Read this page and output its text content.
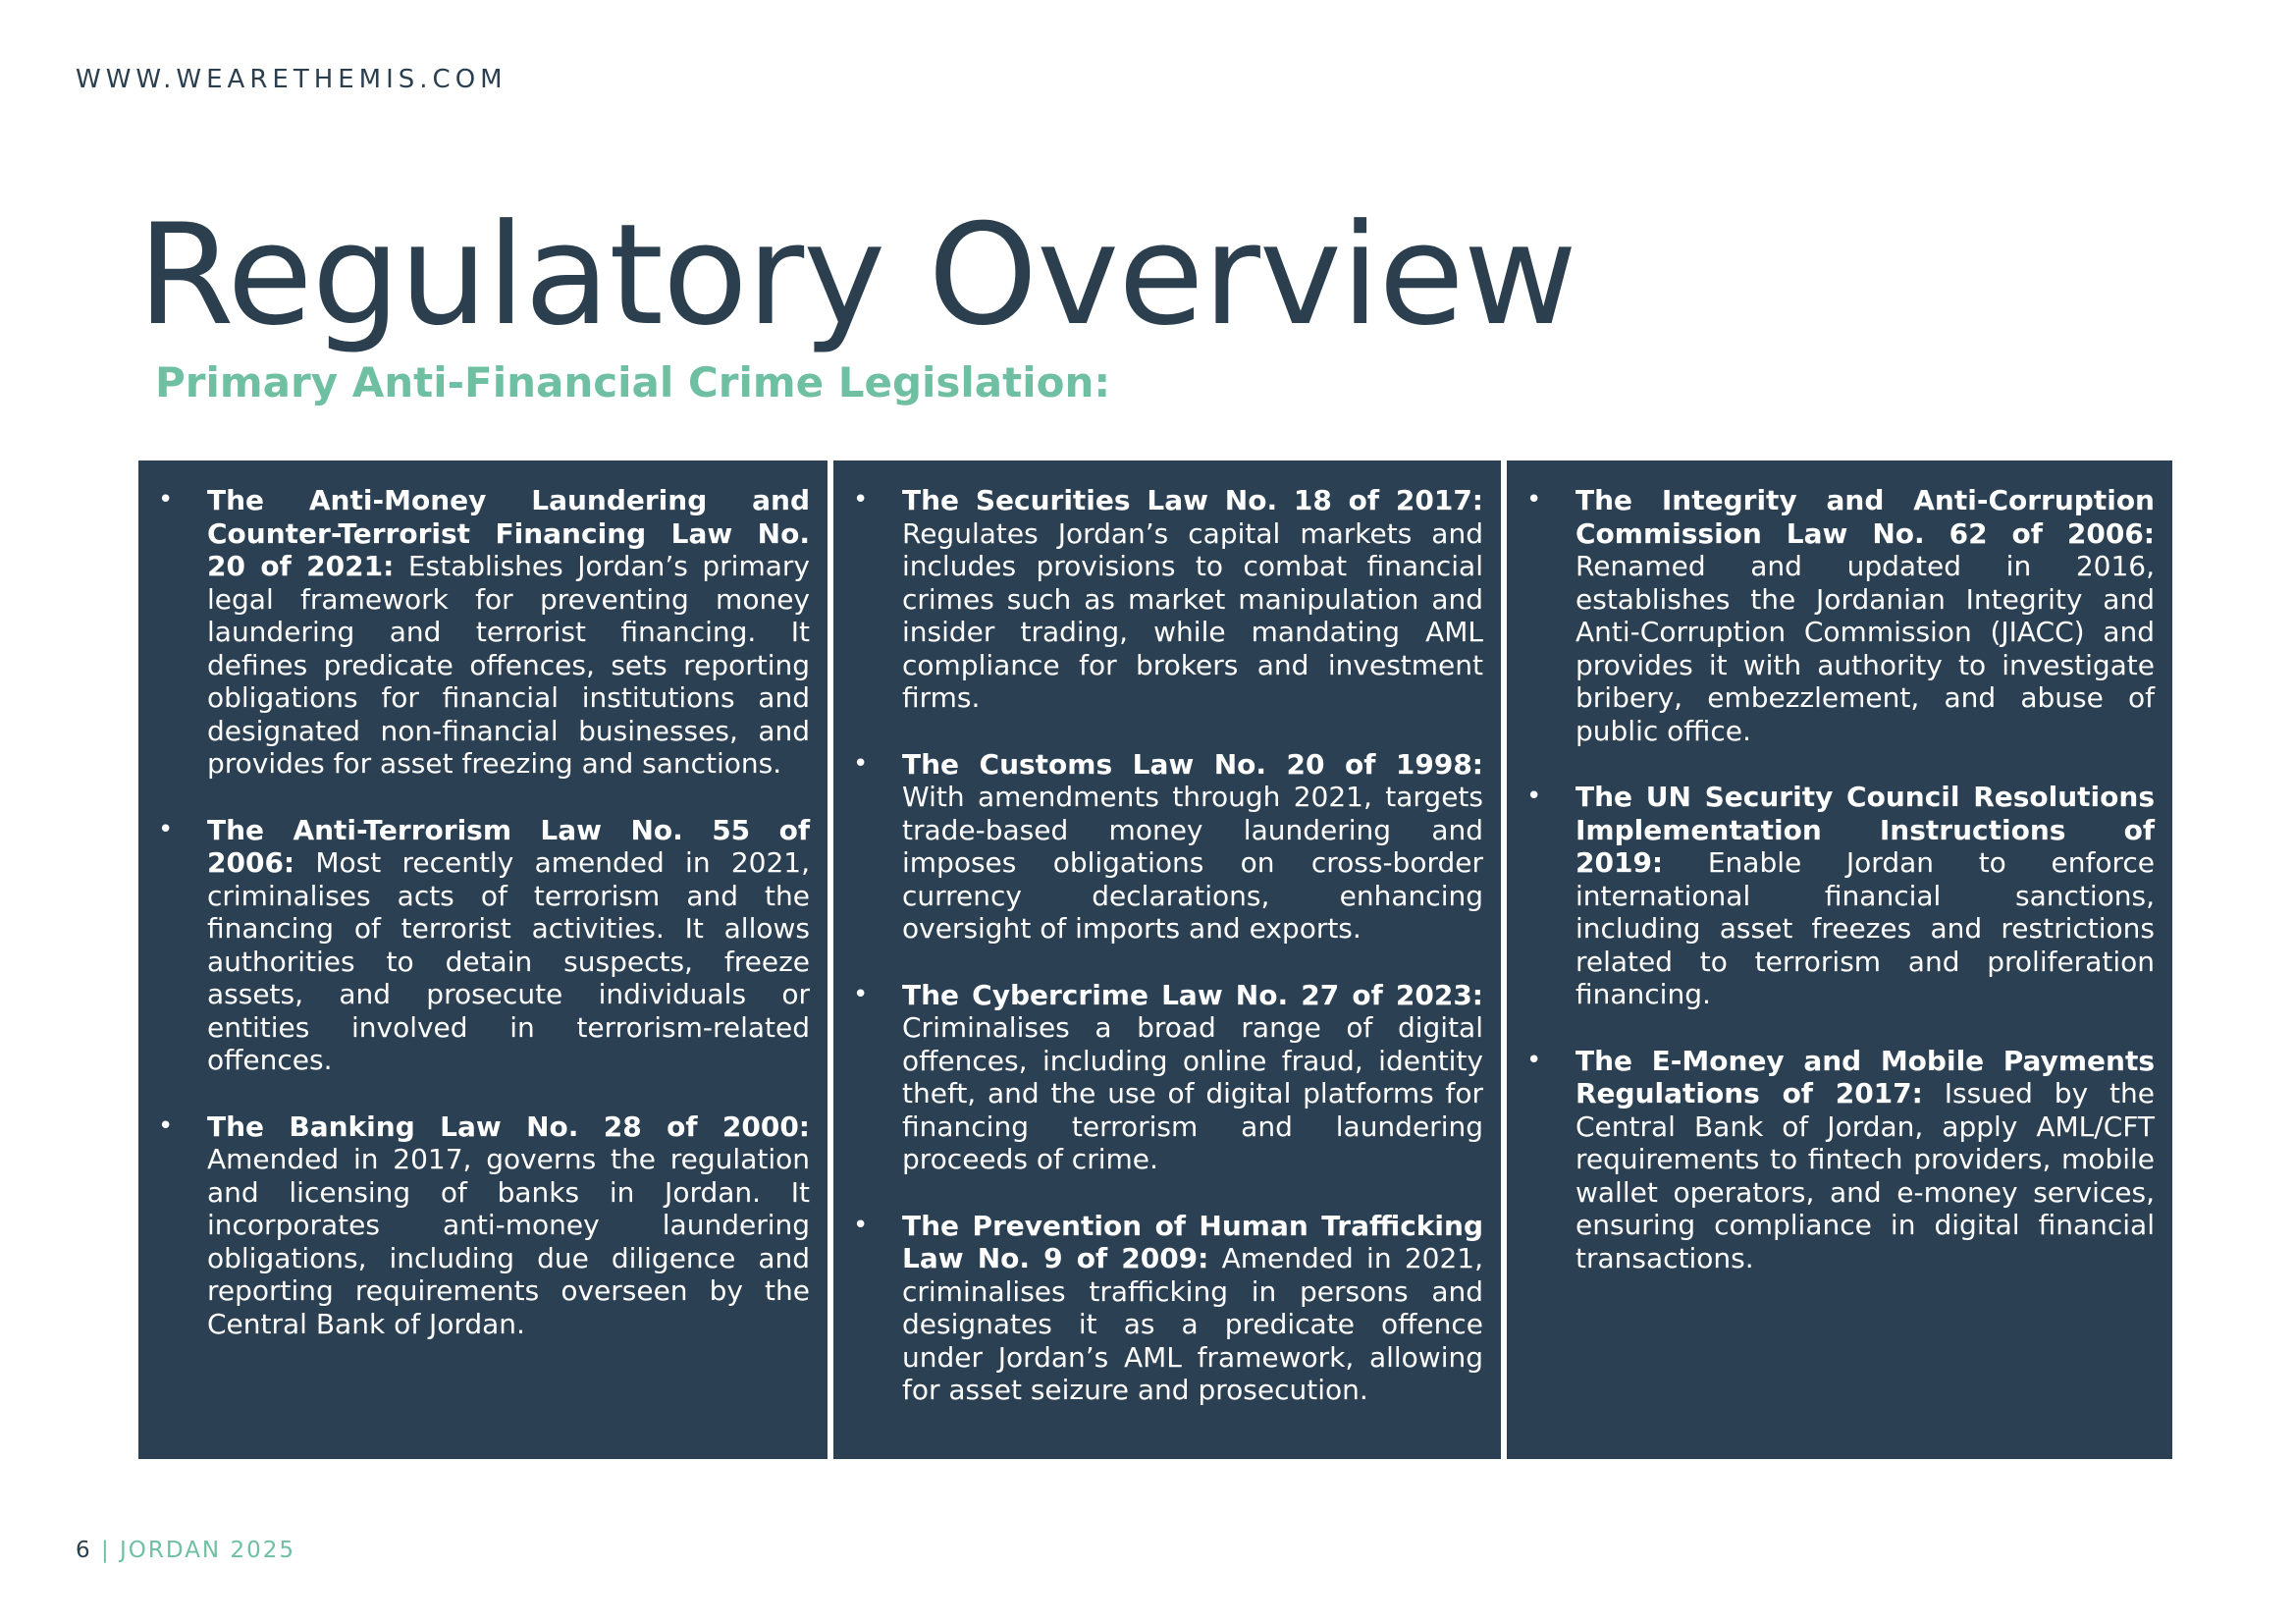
WWW.WEARETHEMIS.COM
Regulatory Overview
Primary Anti-Financial Crime Legislation:
• The Anti-Money Laundering and Counter-Terrorist Financing Law No. 20 of 2021: Establishes Jordan’s primary legal framework for preventing money laundering and terrorist financing. It defines predicate offences, sets reporting obligations for financial institutions and designated non-financial businesses, and provides for asset freezing and sanctions.
• The Anti-Terrorism Law No. 55 of 2006: Most recently amended in 2021, criminalises acts of terrorism and the financing of terrorist activities. It allows authorities to detain suspects, freeze assets, and prosecute individuals or entities involved in terrorism-related offences.
• The Banking Law No. 28 of 2000: Amended in 2017, governs the regulation and licensing of banks in Jordan. It incorporates anti-money laundering obligations, including due diligence and reporting requirements overseen by the Central Bank of Jordan.
• The Securities Law No. 18 of 2017: Regulates Jordan’s capital markets and includes provisions to combat financial crimes such as market manipulation and insider trading, while mandating AML compliance for brokers and investment firms.
• The Customs Law No. 20 of 1998: With amendments through 2021, targets trade-based money laundering and imposes obligations on cross-border currency declarations, enhancing oversight of imports and exports.
• The Cybercrime Law No. 27 of 2023: Criminalises a broad range of digital offences, including online fraud, identity theft, and the use of digital platforms for financing terrorism and laundering proceeds of crime.
• The Prevention of Human Trafficking Law No. 9 of 2009: Amended in 2021, criminalises trafficking in persons and designates it as a predicate offence under Jordan’s AML framework, allowing for asset seizure and prosecution.
• The Integrity and Anti-Corruption Commission Law No. 62 of 2006: Renamed and updated in 2016, establishes the Jordanian Integrity and Anti-Corruption Commission (JIACC) and provides it with authority to investigate bribery, embezzlement, and abuse of public office.
• The UN Security Council Resolutions Implementation Instructions of 2019: Enable Jordan to enforce international financial sanctions, including asset freezes and restrictions related to terrorism and proliferation financing.
• The E-Money and Mobile Payments Regulations of 2017: Issued by the Central Bank of Jordan, apply AML/CFT requirements to fintech providers, mobile wallet operators, and e-money services, ensuring compliance in digital financial transactions.
6 | JORDAN 2025
